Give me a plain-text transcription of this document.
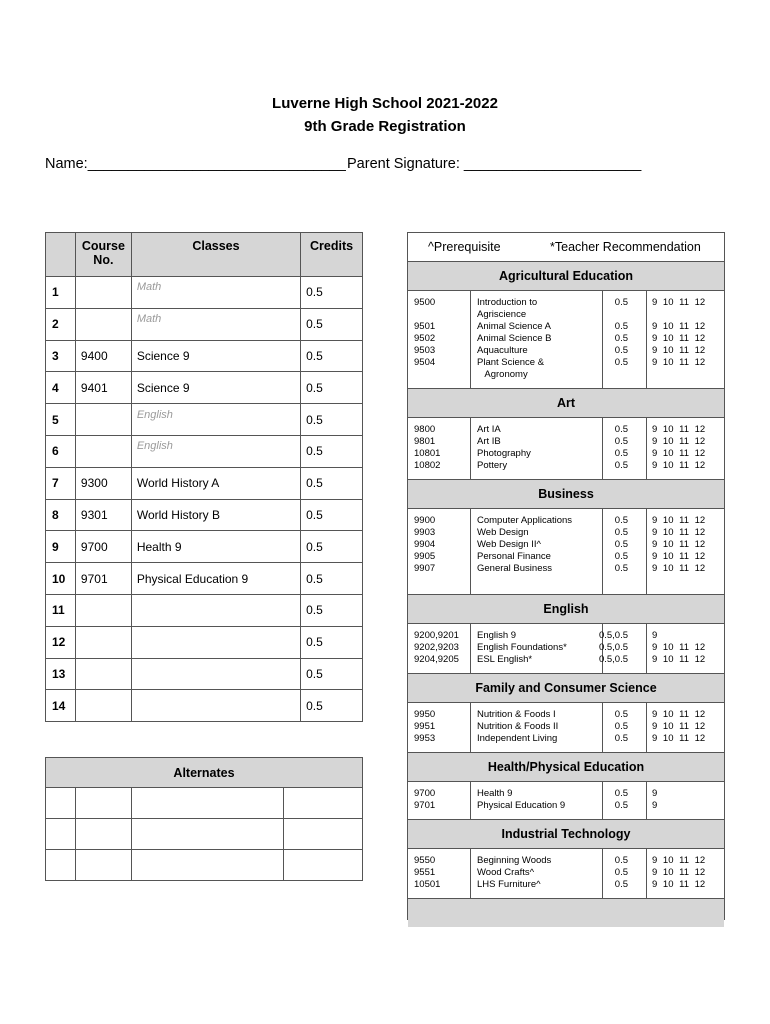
Luverne High School 2021-2022
9th Grade Registration
Name:________________________________ Parent Signature: ______________________
	Course No.	Classes	Credits
1		Math	0.5
2		Math	0.5
3	9400	Science 9	0.5
4	9401	Science 9	0.5
5		English	0.5
6		English	0.5
7	9300	World History A	0.5
8	9301	World History B	0.5
9	9700	Health 9	0.5
10	9701	Physical Education 9	0.5
11			0.5
12			0.5
13			0.5
14			0.5
Alternates			

^Prerequisite	*Teacher Recommendation
Agricultural Education
9500	Introduction to	0.5	9 10 11 12
Agriscience
9501	Animal Science A	0.5	9 10 11 12
9502	Animal Science B	0.5	9 10 11 12
9503	Aquaculture	0.5	9 10 11 12
9504	Plant Science &	0.5	9 10 11 12
Agronomy
Art
9800	Art IA	0.5	9 10 11 12
9801	Art IB	0.5	9 10 11 12
10801	Photography	0.5	9 10 11 12
10802	Pottery	0.5	9 10 11 12
Business
9900	Computer Applications	0.5	9 10 11 12
9903	Web Design	0.5	9 10 11 12
9904	Web Design II^	0.5	9 10 11 12
9905	Personal Finance	0.5	9 10 11 12
9907	General Business	0.5	9 10 11 12
English
9200,9201 English 9	0.5,0.5	9
9202,9203 English Foundations*	0.5,0.5	9 10 11 12
9204,9205 ESL English*	0.5,0.5	9 10 11 12
Family and Consumer Science
9950	Nutrition & Foods I	0.5	9 10 11 12
9951	Nutrition & Foods II	0.5	9 10 11 12
9953	Independent Living	0.5	9 10 11 12
Health/Physical Education
9700	Health 9	0.5	9
9701	Physical Education 9	0.5	9
Industrial Technology
9550	Beginning Woods	0.5	9 10 11 12
9551	Wood Crafts^	0.5	9 10 11 12
10501	LHS Furniture^	0.5	9 10 11 12
